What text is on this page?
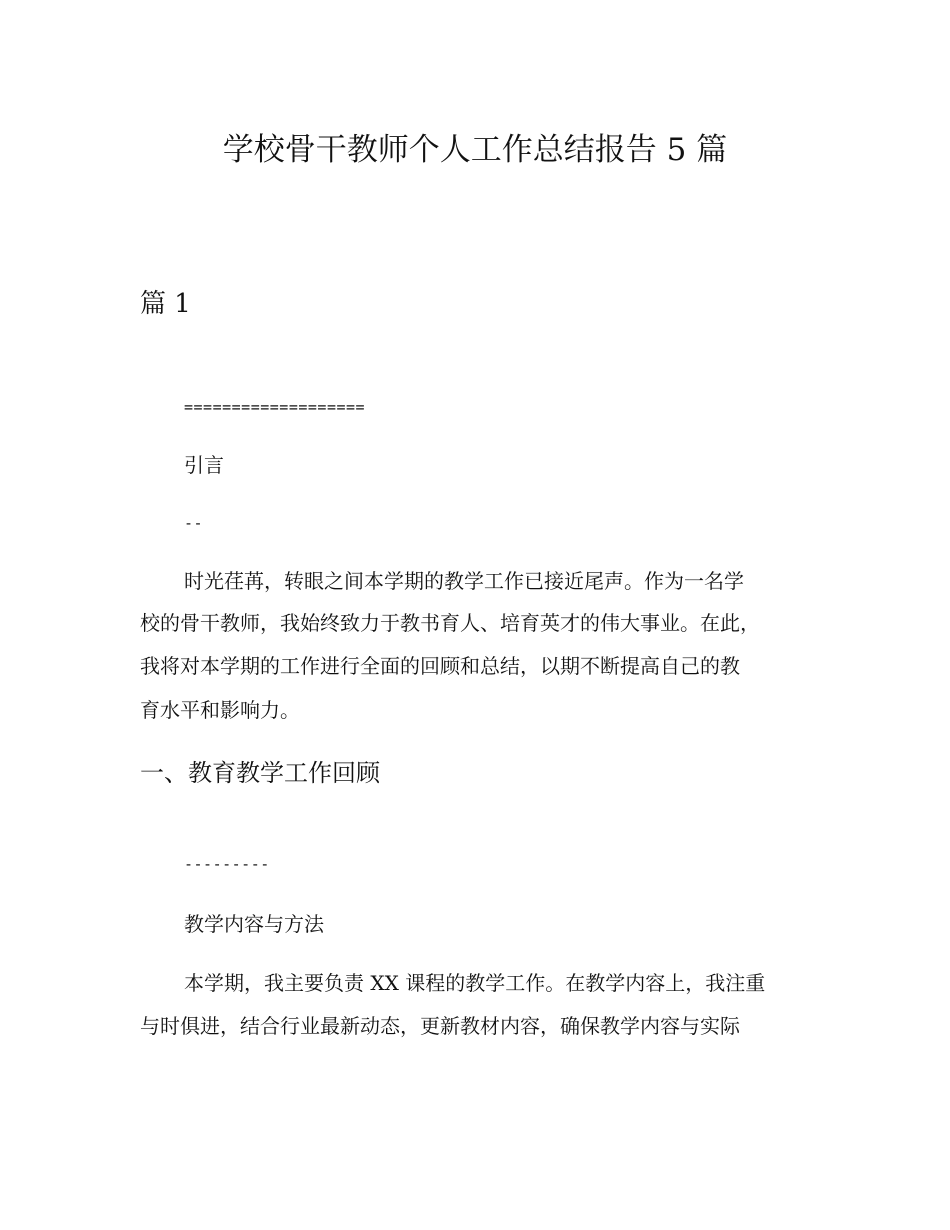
学校骨干教师个人工作总结报告 5 篇
篇 1
===================
引言
--
时光荏苒，转眼之间本学期的教学工作已接近尾声。作为一名学
校的骨干教师，我始终致力于教书育人、培育英才的伟大事业。在此，
我将对本学期的工作进行全面的回顾和总结，以期不断提高自己的教
育水平和影响力。
一、教育教学工作回顾
---------
教学内容与方法
本学期，我主要负责 XX 课程的教学工作。在教学内容上，我注重
与时俱进，结合行业最新动态，更新教材内容，确保教学内容与实际
